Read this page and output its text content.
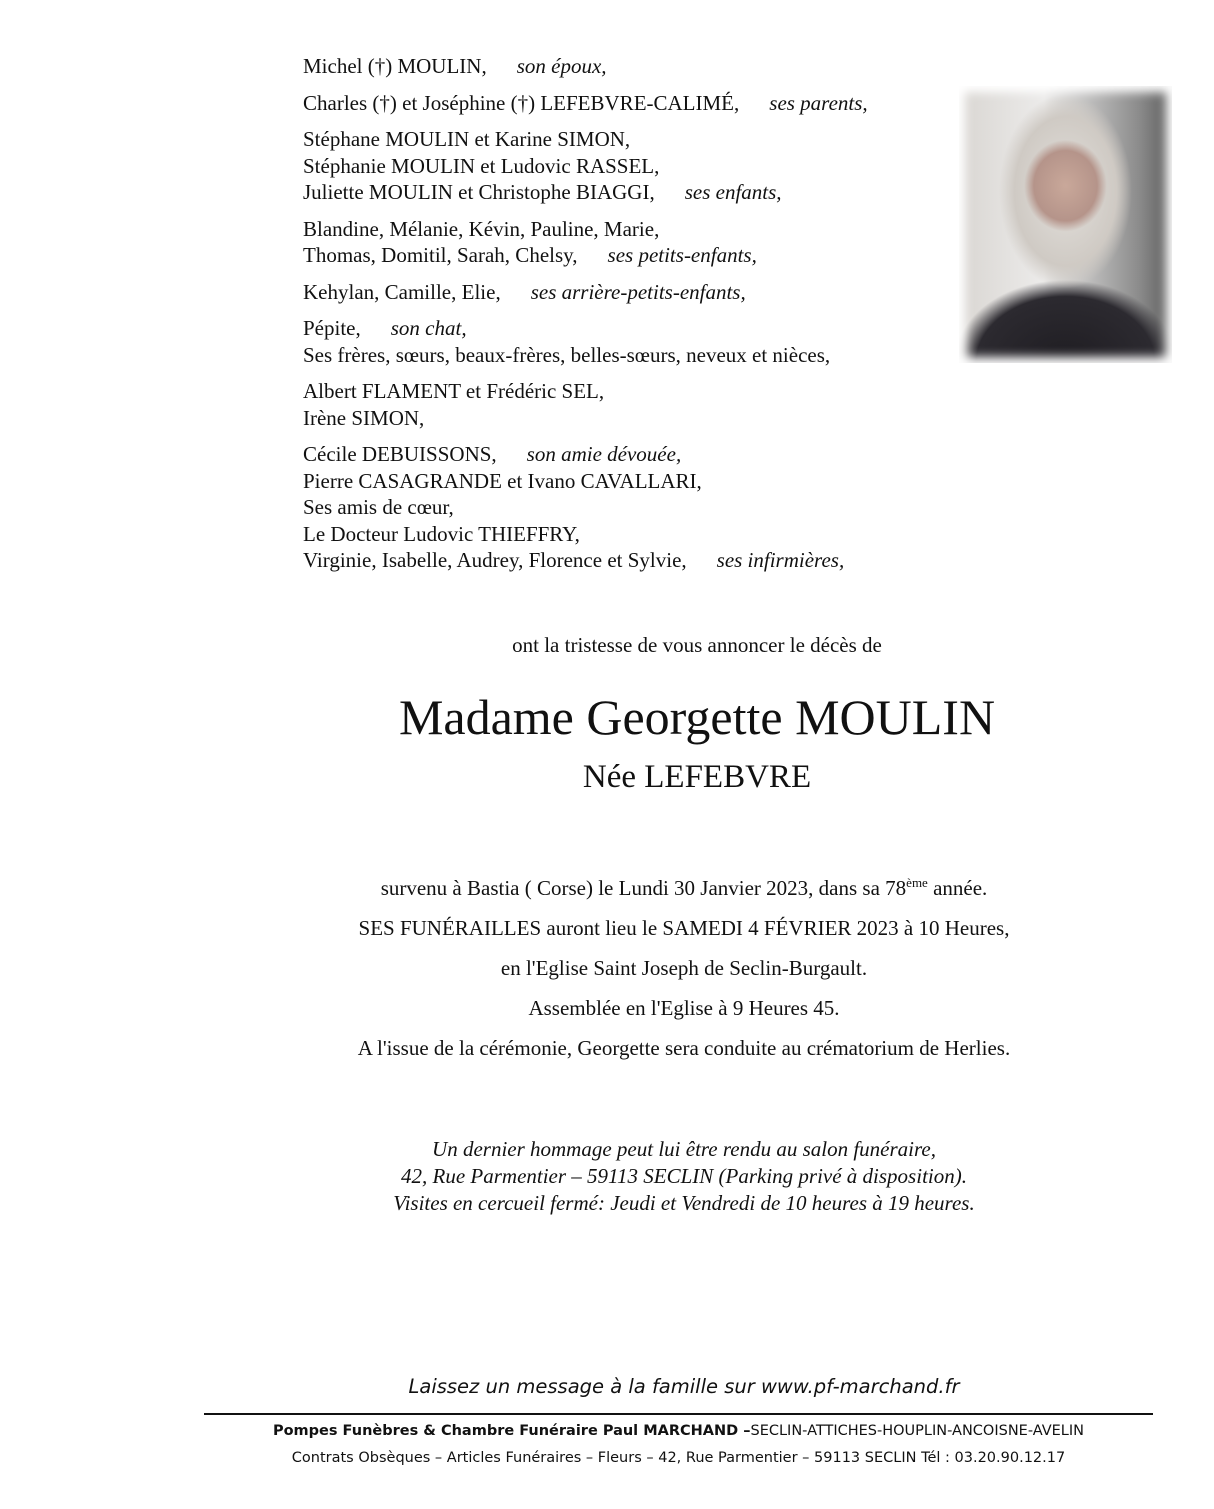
Michel (†) MOULIN, son époux,
Charles (†) et Joséphine (†) LEFEBVRE-CALIMÉ, ses parents,
Stéphane MOULIN et Karine SIMON,
Stéphanie MOULIN et Ludovic RASSEL,
Juliette MOULIN et Christophe BIAGGI, ses enfants,
Blandine, Mélanie, Kévin, Pauline, Marie,
Thomas, Domitil, Sarah, Chelsy, ses petits-enfants,
Kehylan, Camille, Elie, ses arrière-petits-enfants,
Pépite, son chat,
Ses frères, sœurs, beaux-frères, belles-sœurs, neveux et nièces,
Albert FLAMENT et Frédéric SEL,
Irène SIMON,
Cécile DEBUISSONS, son amie dévouée,
Pierre CASAGRANDE et Ivano CAVALLARI,
Ses amis de cœur,
Le Docteur Ludovic THIEFFRY,
Virginie, Isabelle, Audrey, Florence et Sylvie, ses infirmières,
ont la tristesse de vous annoncer le décès de
Madame Georgette MOULIN
Née LEFEBVRE
survenu à Bastia ( Corse) le Lundi 30 Janvier 2023, dans sa 78ème année.
SES FUNÉRAILLES auront lieu le SAMEDI 4 FÉVRIER 2023 à 10 Heures,
en l'Eglise Saint Joseph de Seclin-Burgault.
Assemblée en l'Eglise à 9 Heures 45.
A l'issue de la cérémonie, Georgette sera conduite au crématorium de Herlies.
Un dernier hommage peut lui être rendu au salon funéraire,
42, Rue Parmentier – 59113 SECLIN (Parking privé à disposition).
Visites en cercueil fermé: Jeudi et Vendredi de 10 heures à 19 heures.
Laissez un message à la famille sur www.pf-marchand.fr
Pompes Funèbres & Chambre Funéraire Paul MARCHAND –SECLIN-ATTICHES-HOUPLIN-ANCOISNE-AVELIN
Contrats Obsèques – Articles Funéraires – Fleurs – 42, Rue Parmentier – 59113 SECLIN Tél : 03.20.90.12.17
